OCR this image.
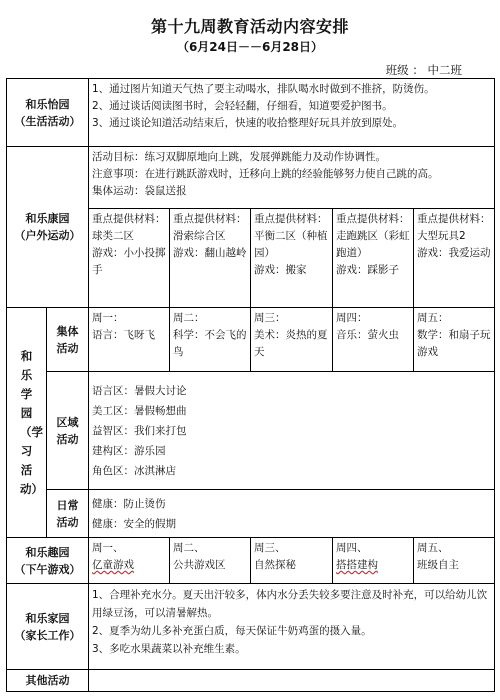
第十九周教育活动内容安排
（6月24日－－6月28日）
班级 ： 中二班
和乐怡园
（生活活动）		1、通过图片知道天气热了要主动喝水，排队喝水时做到不推挤，防烫伤。
2、通过谈话阅读图书时，会轻轻翻，仔细看，知道要爱护图书。
3、通过谈论知道活动结束后，快速的收拾整理好玩具并放到原处。				

和乐康园
（户外运动）		活动目标：练习双脚原地向上跳，发展弹跳能力及动作协调性。
注意事项：在进行跳跃游戏时，迁移向上跳的经验能够努力使自己跳的高。
集体运动：袋鼠送报				

		重点提供材料：球类二区
游戏：小小投掷手	重点提供材料：滑索综合区
游戏：翻山越岭	重点提供材料：平衡二区（种植园）
游戏：搬家	重点提供材料：走跑跳区（彩虹跑道）
游戏：踩影子	重点提供材料：大型玩具2
游戏：我爱运动

和乐学园（学习活动）	集体活动	周一：
语言：飞呀飞	周二：
科学：不会飞的鸟	周三：
美术：炎热的夏天	周四：
音乐：萤火虫	周五：
数学：和扇子玩游戏

	区域活动	语言区：暑假大讨论
美工区：暑假畅想曲
益智区：我们来打包
建构区：游乐园
角色区：冰淇淋店				

	日常活动	健康：防止烫伤
健康：安全的假期				

和乐趣园
（下午游戏）		周一、
亿童游戏	周二、
公共游戏区	周三、
自然探秘	周四、
搭搭建构	周五、
班级自主

和乐家园
（家长工作）		1、合理补充水分。夏天出汗较多，体内水分丢失较多要注意及时补充，可以给幼儿饮用绿豆汤，可以清暑解热。
2、夏季为幼儿多补充蛋白质，每天保证牛奶鸡蛋的摄入量。
3、多吃水果蔬菜以补充维生素。				

其他活动						
